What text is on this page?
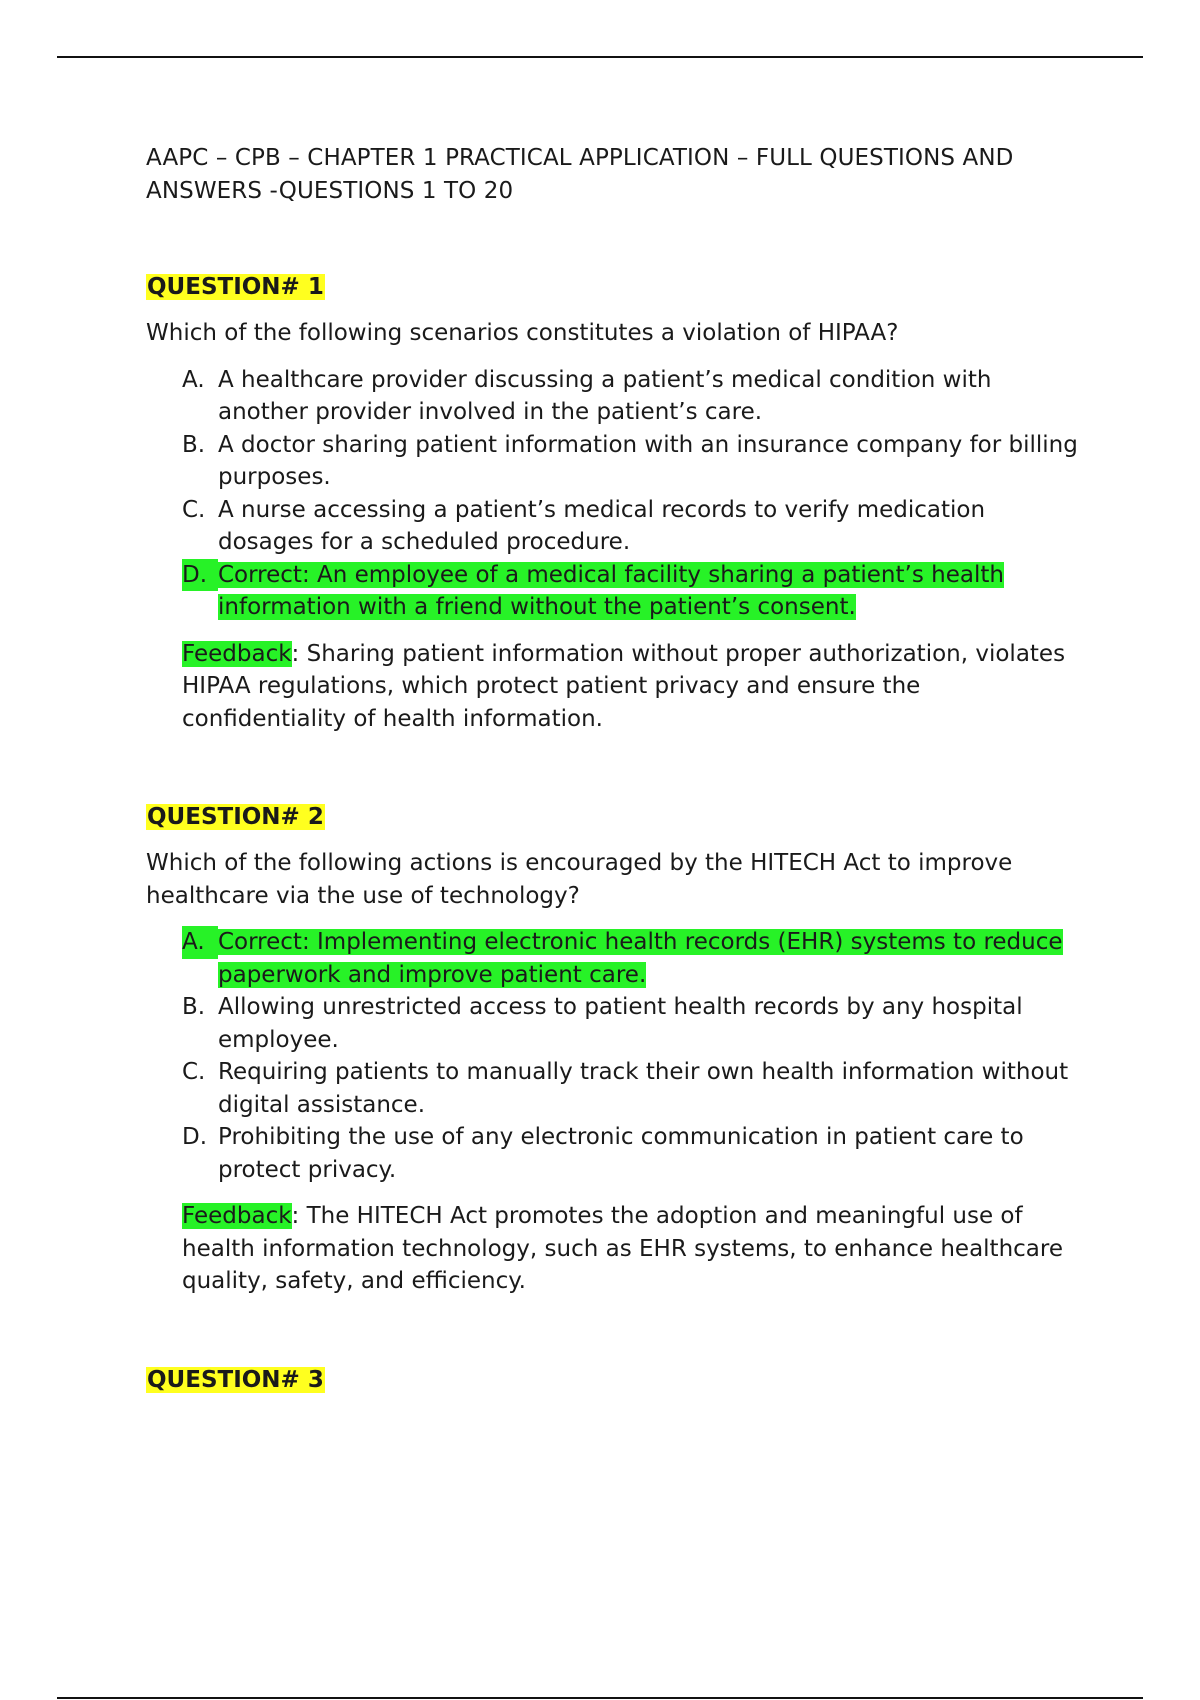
AAPC – CPB – CHAPTER 1 PRACTICAL APPLICATION – FULL QUESTIONS AND ANSWERS -QUESTIONS 1 TO 20

QUESTION# 1

Which of the following scenarios constitutes a violation of HIPAA?

A. A healthcare provider discussing a patient’s medical condition with another provider involved in the patient’s care.
B. A doctor sharing patient information with an insurance company for billing purposes.
C. A nurse accessing a patient’s medical records to verify medication dosages for a scheduled procedure.
D. Correct: An employee of a medical facility sharing a patient’s health information with a friend without the patient’s consent.

Feedback: Sharing patient information without proper authorization, violates HIPAA regulations, which protect patient privacy and ensure the confidentiality of health information.

QUESTION# 2

Which of the following actions is encouraged by the HITECH Act to improve healthcare via the use of technology?

A. Correct: Implementing electronic health records (EHR) systems to reduce paperwork and improve patient care.
B. Allowing unrestricted access to patient health records by any hospital employee.
C. Requiring patients to manually track their own health information without digital assistance.
D. Prohibiting the use of any electronic communication in patient care to protect privacy.

Feedback: The HITECH Act promotes the adoption and meaningful use of health information technology, such as EHR systems, to enhance healthcare quality, safety, and efficiency.

QUESTION# 3
